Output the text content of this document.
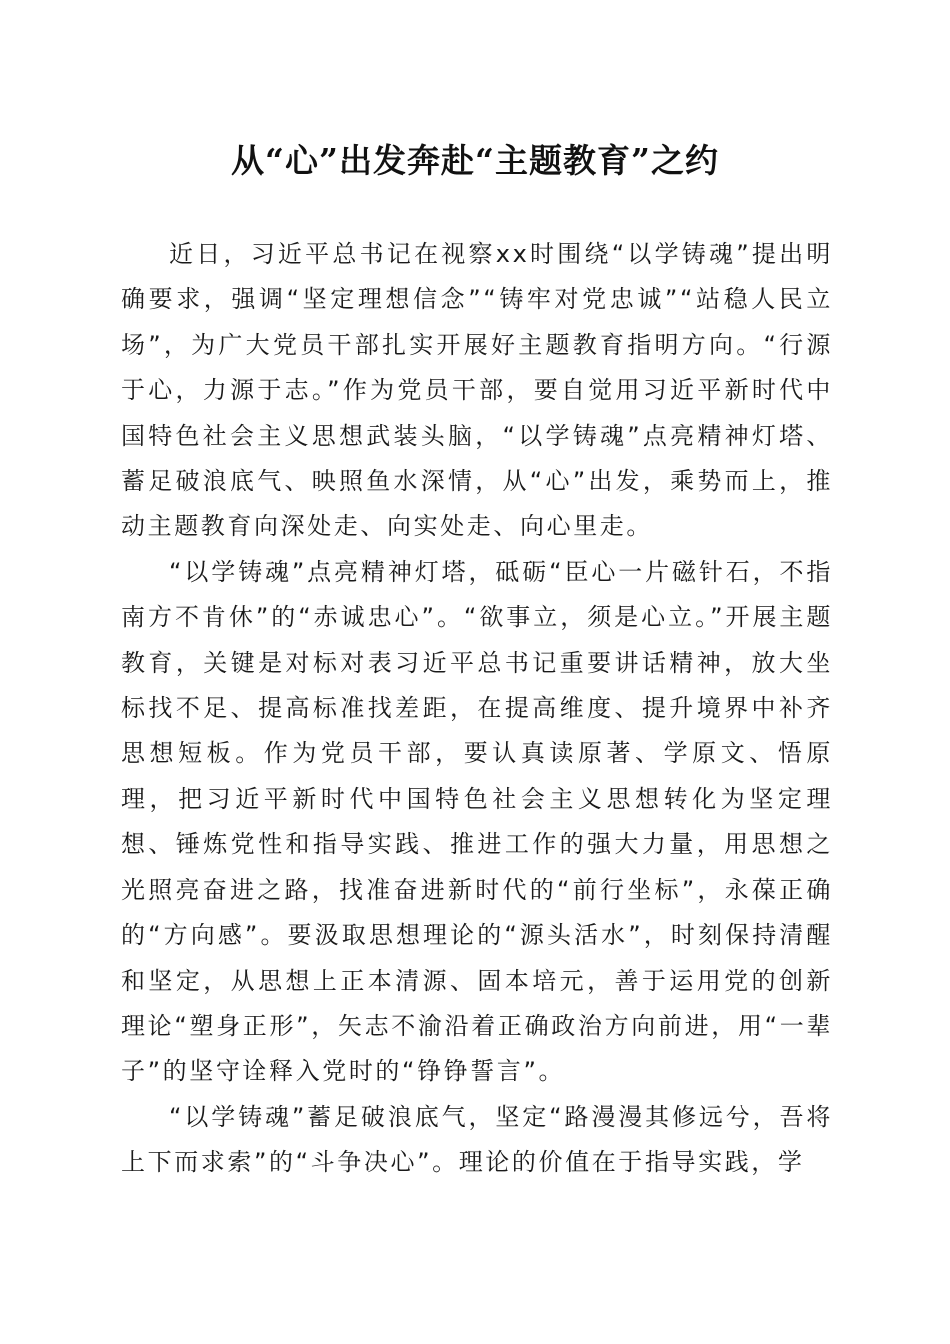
从“心”出发奔赴“主题教育”之约

近日，习近平总书记在视察xx时围绕“以学铸魂”提出明确要求，强调“坚定理想信念”“铸牢对党忠诚”“站稳人民立场”，为广大党员干部扎实开展好主题教育指明方向。“行源于心，力源于志。”作为党员干部，要自觉用习近平新时代中国特色社会主义思想武装头脑，“以学铸魂”点亮精神灯塔、蓄足破浪底气、映照鱼水深情，从“心”出发，乘势而上，推动主题教育向深处走、向实处走、向心里走。

“以学铸魂”点亮精神灯塔，砥砺“臣心一片磁针石，不指南方不肯休”的“赤诚忠心”。“欲事立，须是心立。”开展主题教育，关键是对标对表习近平总书记重要讲话精神，放大坐标找不足、提高标准找差距，在提高维度、提升境界中补齐思想短板。作为党员干部，要认真读原著、学原文、悟原理，把习近平新时代中国特色社会主义思想转化为坚定理想、锤炼党性和指导实践、推进工作的强大力量，用思想之光照亮奋进之路，找准奋进新时代的“前行坐标”，永葆正确的“方向感”。要汲取思想理论的“源头活水”，时刻保持清醒和坚定，从思想上正本清源、固本培元，善于运用党的创新理论“塑身正形”，矢志不渝沿着正确政治方向前进，用“一辈子”的坚守诠释入党时的“铮铮誓言”。

“以学铸魂”蓄足破浪底气，坚定“路漫漫其修远兮，吾将上下而求索”的“斗争决心”。理论的价值在于指导实践，学
